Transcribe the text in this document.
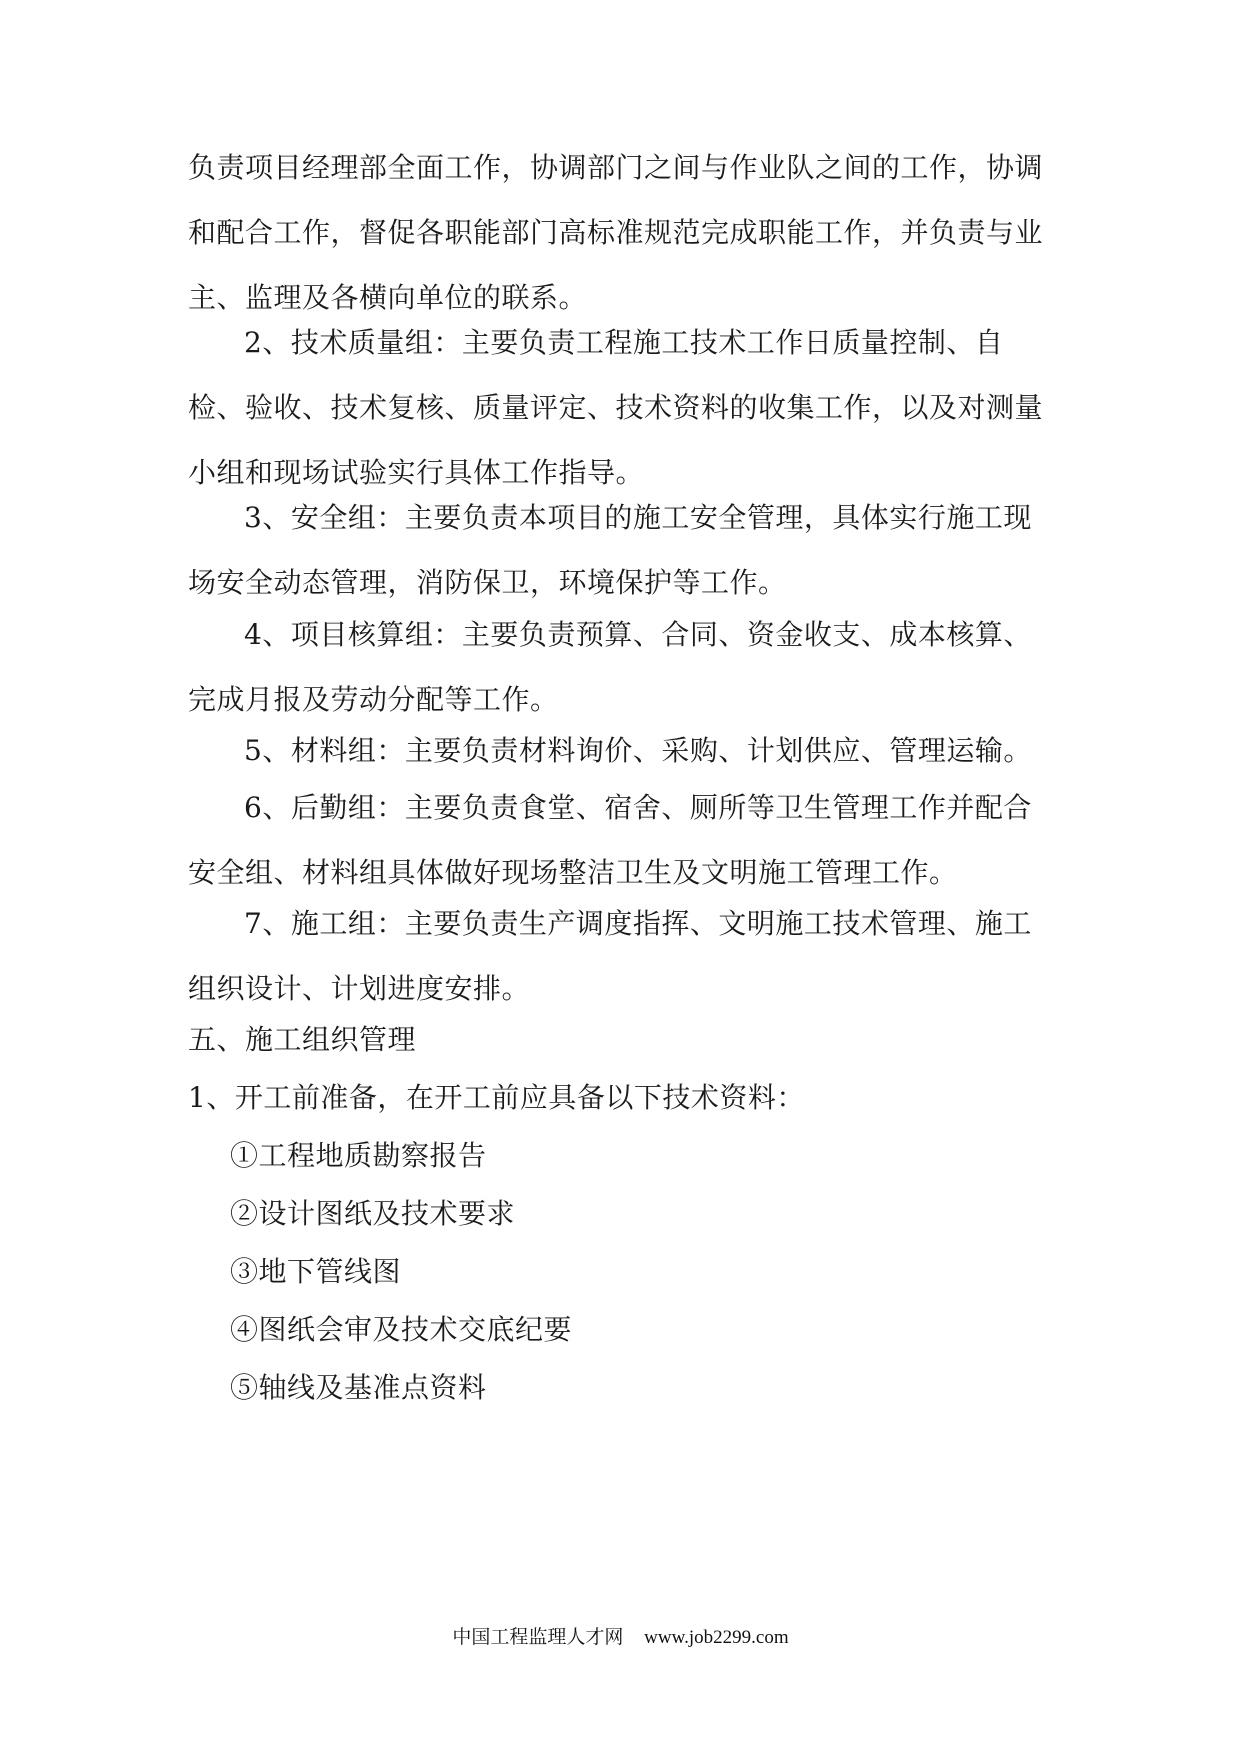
负责项目经理部全面工作，协调部门之间与作业队之间的工作，协调和配合工作，督促各职能部门高标准规范完成职能工作，并负责与业主、监理及各横向单位的联系。

2、技术质量组：主要负责工程施工技术工作日质量控制、自检、验收、技术复核、质量评定、技术资料的收集工作，以及对测量小组和现场试验实行具体工作指导。

3、安全组：主要负责本项目的施工安全管理，具体实行施工现场安全动态管理，消防保卫，环境保护等工作。

4、项目核算组：主要负责预算、合同、资金收支、成本核算、完成月报及劳动分配等工作。

5、材料组：主要负责材料询价、采购、计划供应、管理运输。

6、后勤组：主要负责食堂、宿舍、厕所等卫生管理工作并配合安全组、材料组具体做好现场整洁卫生及文明施工管理工作。

7、施工组：主要负责生产调度指挥、文明施工技术管理、施工组织设计、计划进度安排。

五、施工组织管理
1、开工前准备，在开工前应具备以下技术资料：
①工程地质勘察报告
②设计图纸及技术要求
③地下管线图
④图纸会审及技术交底纪要
⑤轴线及基准点资料
中国工程监理人才网 www.job2299.com
